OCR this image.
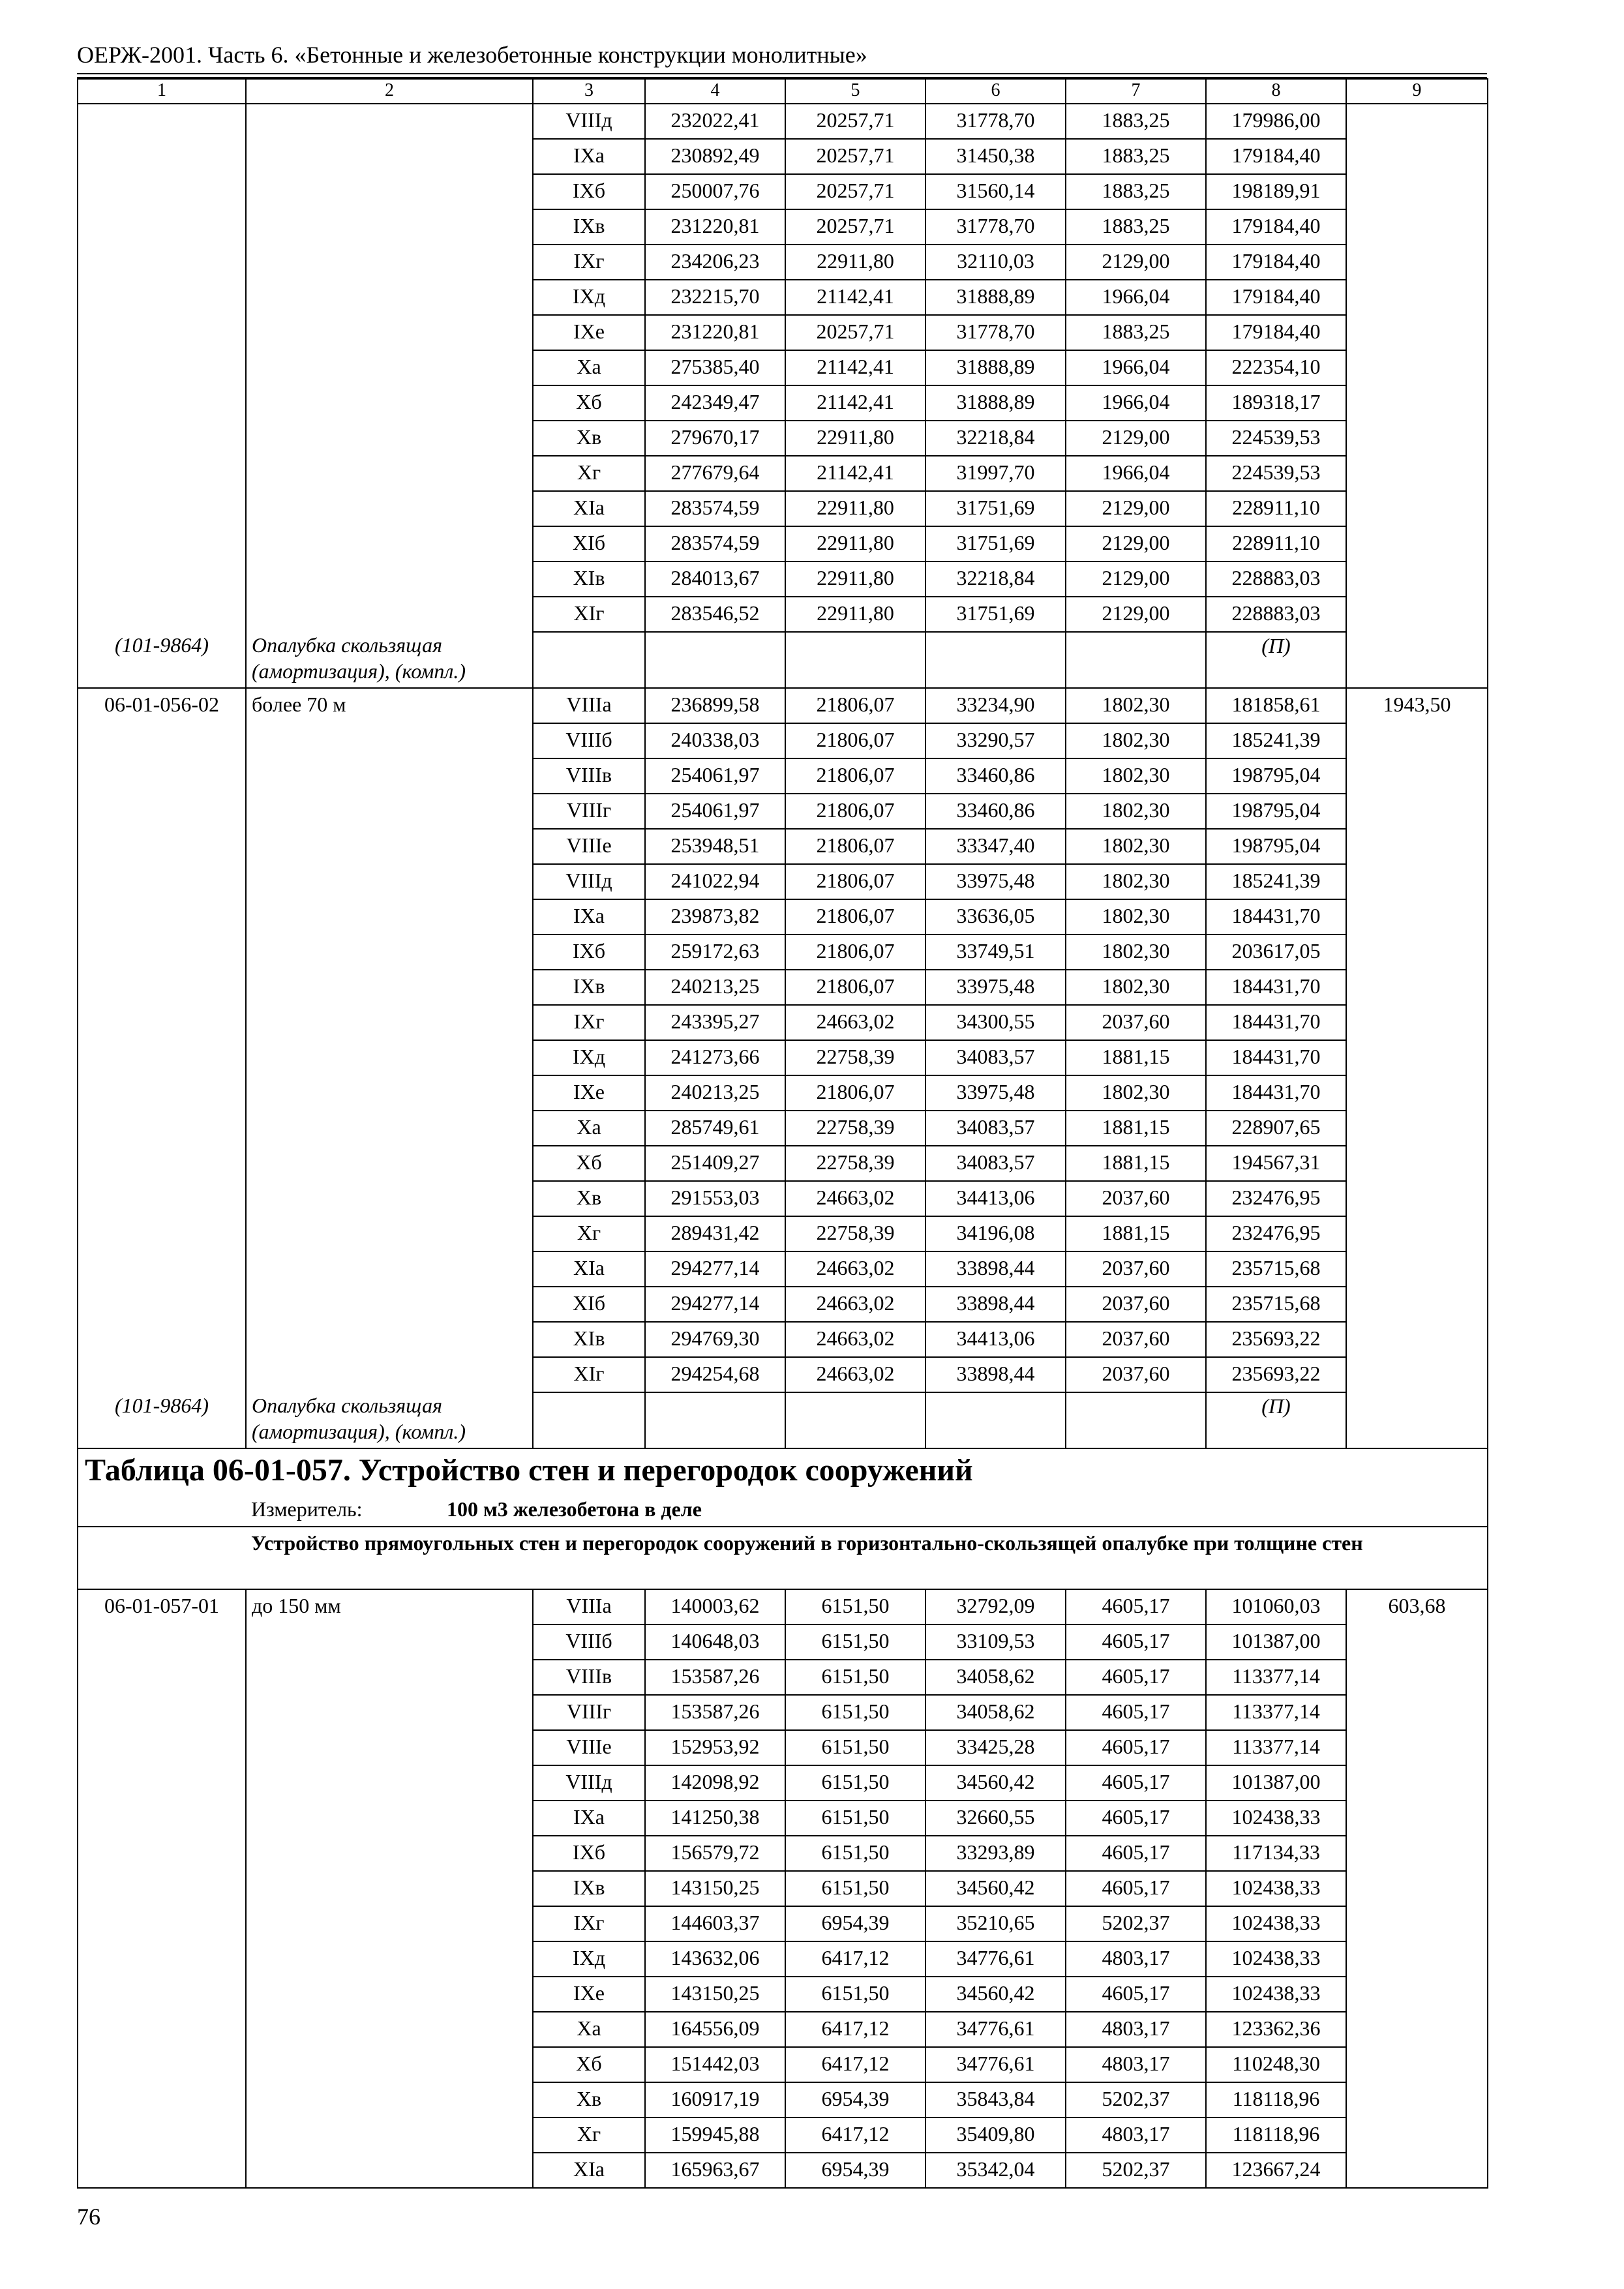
ОЕРЖ-2001. Часть 6. «Бетонные и железобетонные конструкции монолитные»
1	2	3	4	5	6	7	8	9
		VIIIд	232022,41	20257,71	31778,70	1883,25	179986,00	
		IXа	230892,49	20257,71	31450,38	1883,25	179184,40	
		IXб	250007,76	20257,71	31560,14	1883,25	198189,91	
		IXв	231220,81	20257,71	31778,70	1883,25	179184,40	
		IXг	234206,23	22911,80	32110,03	2129,00	179184,40	
		IXд	232215,70	21142,41	31888,89	1966,04	179184,40	
		IXе	231220,81	20257,71	31778,70	1883,25	179184,40	
		Xа	275385,40	21142,41	31888,89	1966,04	222354,10	
		Xб	242349,47	21142,41	31888,89	1966,04	189318,17	
		Xв	279670,17	22911,80	32218,84	2129,00	224539,53	
		Xг	277679,64	21142,41	31997,70	1966,04	224539,53	
		XIа	283574,59	22911,80	31751,69	2129,00	228911,10	
		XIб	283574,59	22911,80	31751,69	2129,00	228911,10	
		XIв	284013,67	22911,80	32218,84	2129,00	228883,03	
		XIг	283546,52	22911,80	31751,69	2129,00	228883,03	
(101-9864)	Опалубка скользящая (амортизация), (компл.)						(П)	
06-01-056-02	более 70 м	VIIIа	236899,58	21806,07	33234,90	1802,30	181858,61	1943,50
		VIIIб	240338,03	21806,07	33290,57	1802,30	185241,39	
		VIIIв	254061,97	21806,07	33460,86	1802,30	198795,04	
		VIIIг	254061,97	21806,07	33460,86	1802,30	198795,04	
		VIIIе	253948,51	21806,07	33347,40	1802,30	198795,04	
		VIIIд	241022,94	21806,07	33975,48	1802,30	185241,39	
		IXа	239873,82	21806,07	33636,05	1802,30	184431,70	
		IXб	259172,63	21806,07	33749,51	1802,30	203617,05	
		IXв	240213,25	21806,07	33975,48	1802,30	184431,70	
		IXг	243395,27	24663,02	34300,55	2037,60	184431,70	
		IXд	241273,66	22758,39	34083,57	1881,15	184431,70	
		IXе	240213,25	21806,07	33975,48	1802,30	184431,70	
		Xа	285749,61	22758,39	34083,57	1881,15	228907,65	
		Xб	251409,27	22758,39	34083,57	1881,15	194567,31	
		Xв	291553,03	24663,02	34413,06	2037,60	232476,95	
		Xг	289431,42	22758,39	34196,08	1881,15	232476,95	
		XIа	294277,14	24663,02	33898,44	2037,60	235715,68	
		XIб	294277,14	24663,02	33898,44	2037,60	235715,68	
		XIв	294769,30	24663,02	34413,06	2037,60	235693,22	
		XIг	294254,68	24663,02	33898,44	2037,60	235693,22	
(101-9864)	Опалубка скользящая (амортизация), (компл.)						(П)	
Таблица 06-01-057. Устройство стен и перегородок сооружений								
	Измеритель: 100 м3 железобетона в деле							
	Устройство прямоугольных стен и перегородок сооружений в горизонтально-скользящей опалубке при толщине стен							
06-01-057-01	до 150 мм	VIIIа	140003,62	6151,50	32792,09	4605,17	101060,03	603,68
		VIIIб	140648,03	6151,50	33109,53	4605,17	101387,00	
		VIIIв	153587,26	6151,50	34058,62	4605,17	113377,14	
		VIIIг	153587,26	6151,50	34058,62	4605,17	113377,14	
		VIIIе	152953,92	6151,50	33425,28	4605,17	113377,14	
		VIIIд	142098,92	6151,50	34560,42	4605,17	101387,00	
		IXа	141250,38	6151,50	32660,55	4605,17	102438,33	
		IXб	156579,72	6151,50	33293,89	4605,17	117134,33	
		IXв	143150,25	6151,50	34560,42	4605,17	102438,33	
		IXг	144603,37	6954,39	35210,65	5202,37	102438,33	
		IXд	143632,06	6417,12	34776,61	4803,17	102438,33	
		IXе	143150,25	6151,50	34560,42	4605,17	102438,33	
		Xа	164556,09	6417,12	34776,61	4803,17	123362,36	
		Xб	151442,03	6417,12	34776,61	4803,17	110248,30	
		Xв	160917,19	6954,39	35843,84	5202,37	118118,96	
		Xг	159945,88	6417,12	35409,80	4803,17	118118,96	
		XIа	165963,67	6954,39	35342,04	5202,37	123667,24	
76
